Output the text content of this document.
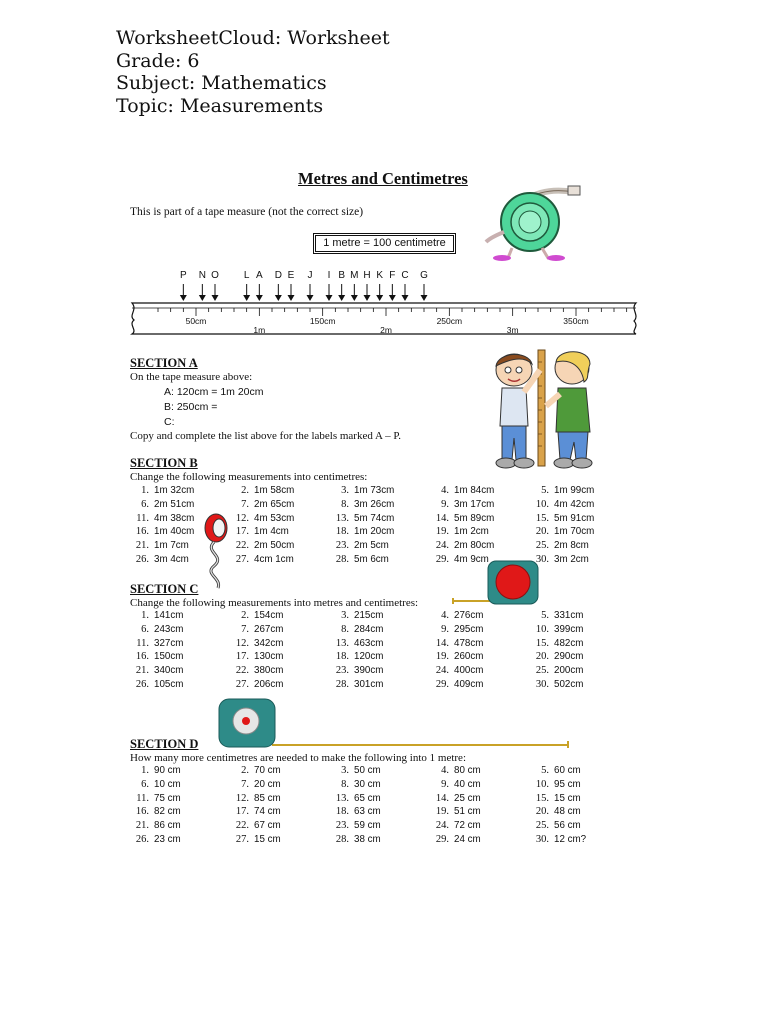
WorksheetCloud: Worksheet
Grade: 6
Subject: Mathematics
Topic: Measurements
Metres and Centimetres
This is part of a tape measure (not the correct size)
1 metre = 100 centimetre
P N O	L A D E	J	I B M H K F C G
50cm
1m
150cm
2m
250cm
3m
350cm
SECTION A
On the tape measure above:
A: 120cm = 1m 20cm
B: 250cm =
C:
Copy and complete the list above for the labels marked A – P.
SECTION B
Change the following measurements into centimetres:
1. 1m 32cm	2. 1m 58cm	3. 1m 73cm	4. 1m 84cm	5. 1m 99cm
6. 2m 51cm	7. 2m 65cm	8. 3m 26cm	9. 3m 17cm	10. 4m 42cm
11. 4m 38cm	12. 4m 53cm	13. 5m 74cm	14. 5m 89cm	15. 5m 91cm
16. 1m 40cm	17. 1m 4cm	18. 1m 20cm	19. 1m 2cm	20. 1m 70cm
21. 1m 7cm	22. 2m 50cm	23. 2m 5cm	24. 2m 80cm	25. 2m 8cm
26. 3m 4cm	27. 4cm 1cm	28. 5m 6cm	29. 4m 9cm	30. 3m 2cm
SECTION C
Change the following measurements into metres and centimetres:
1. 141cm	2. 154cm	3. 215cm	4. 276cm	5. 331cm
6. 243cm	7. 267cm	8. 284cm	9. 295cm	10. 399cm
11. 327cm	12. 342cm	13. 463cm	14. 478cm	15. 482cm
16. 150cm	17. 130cm	18. 120cm	19. 260cm	20. 290cm
21. 340cm	22. 380cm	23. 390cm	24. 400cm	25. 200cm
26. 105cm	27. 206cm	28. 301cm	29. 409cm	30. 502cm
SECTION D
How many more centimetres are needed to make the following into 1 metre:
1. 90 cm	2. 70 cm	3. 50 cm	4. 80 cm	5. 60 cm
6. 10 cm	7. 20 cm	8. 30 cm	9. 40 cm	10. 95 cm
11. 75 cm	12. 85 cm	13. 65 cm	14. 25 cm	15. 15 cm
16. 82 cm	17. 74 cm	18. 63 cm	19. 51 cm	20. 48 cm
21. 86 cm	22. 67 cm	23. 59 cm	24. 72 cm	25. 56 cm
26. 23 cm	27. 15 cm	28. 38 cm	29. 24 cm	30. 12 cm?
